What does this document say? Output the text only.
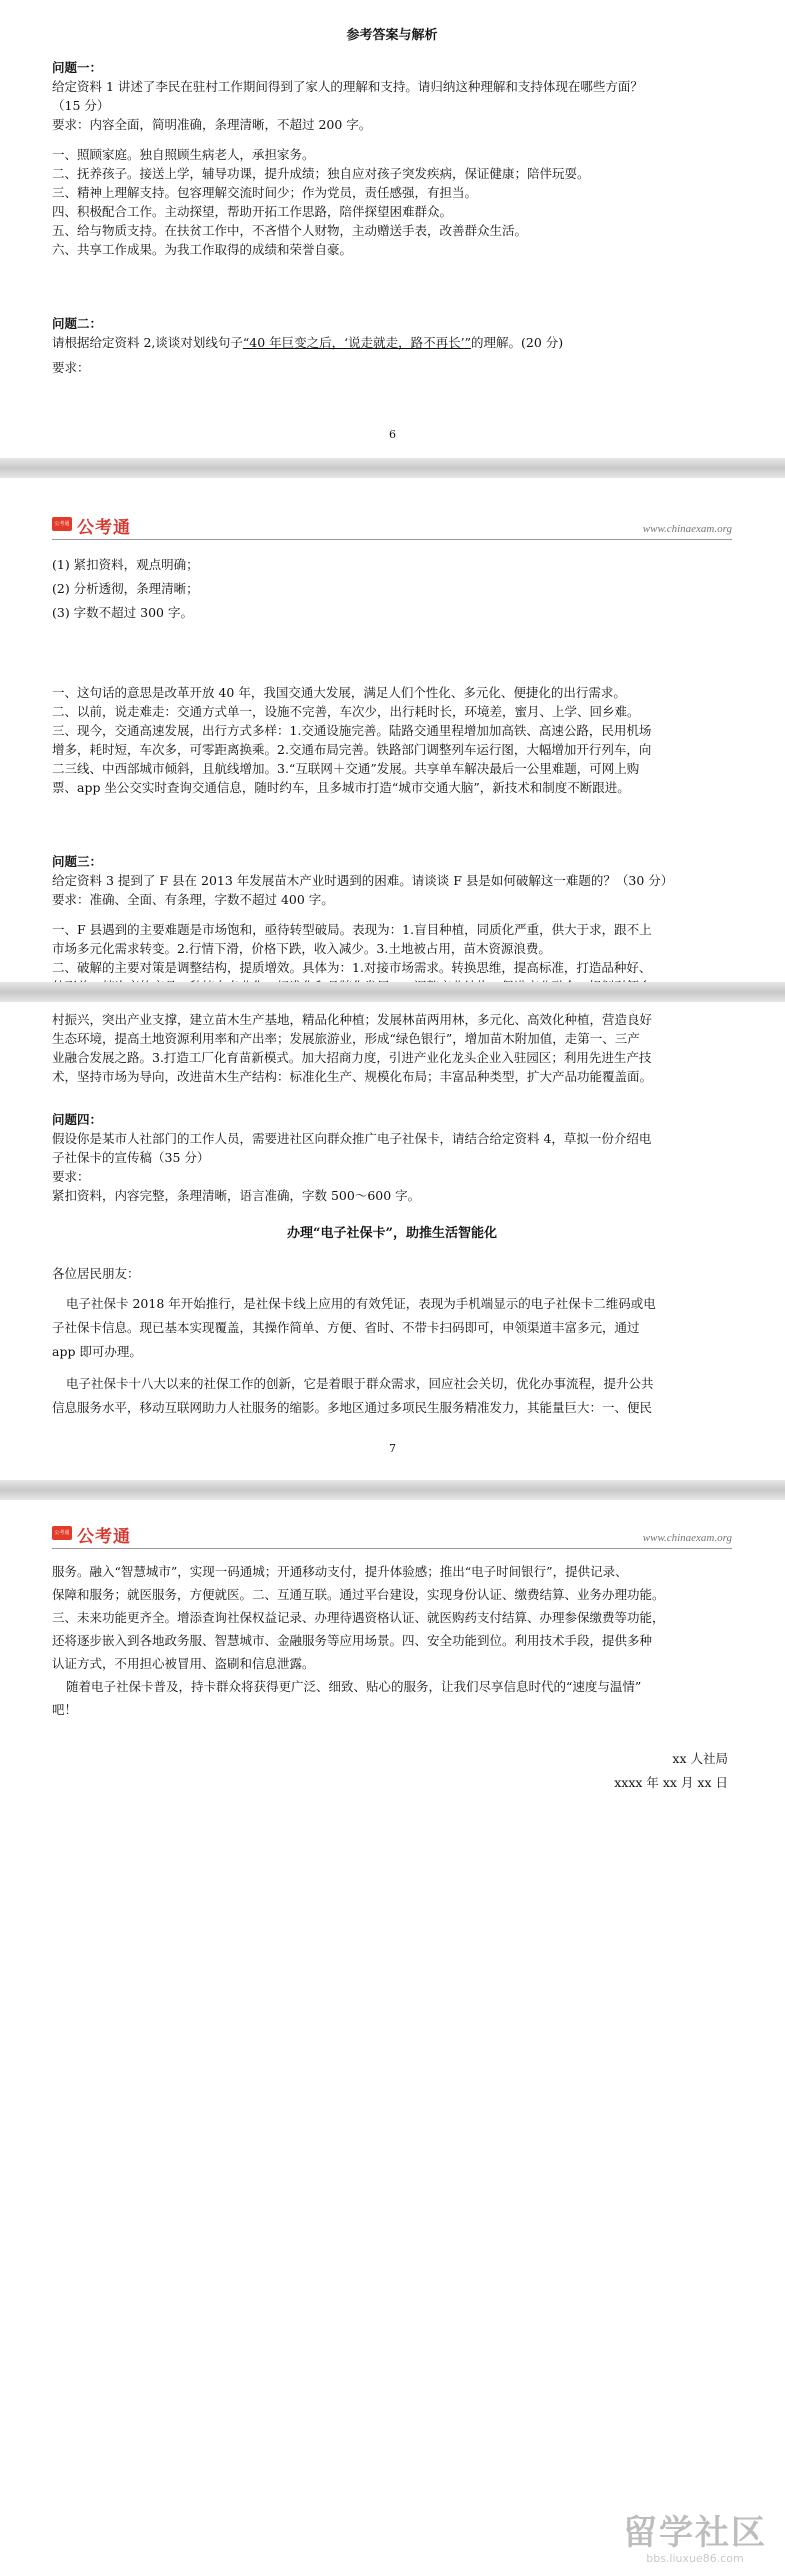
参考答案与解析
问题一：
给定资料 1 讲述了李民在驻村工作期间得到了家人的理解和支持。请归纳这种理解和支持体现在哪些方面？
（15 分）
要求：内容全面，简明准确，条理清晰，不超过 200 字。
一、照顾家庭。独自照顾生病老人，承担家务。
二、抚养孩子。接送上学，辅导功课，提升成绩；独自应对孩子突发疾病，保证健康；陪伴玩耍。
三、精神上理解支持。包容理解交流时间少；作为党员，责任感强，有担当。
四、积极配合工作。主动探望，帮助开拓工作思路，陪伴探望困难群众。
五、给与物质支持。在扶贫工作中，不吝惜个人财物，主动赠送手表，改善群众生活。
六、共享工作成果。为我工作取得的成绩和荣誉自豪。
问题二：
请根据给定资料 2,谈谈对划线句子“40 年巨变之后，‘说走就走，路不再长’”的理解。(20 分)
要求：
6
公考通 公考通	www.chinaexam.org
(1) 紧扣资料，观点明确；
(2) 分析透彻，条理清晰；
(3) 字数不超过 300 字。
一、这句话的意思是改革开放 40 年，我国交通大发展，满足人们个性化、多元化、便捷化的出行需求。
二、以前，说走难走：交通方式单一，设施不完善，车次少，出行耗时长，环境差，蜜月、上学、回乡难。
三、现今，交通高速发展，出行方式多样：1.交通设施完善。陆路交通里程增加加高铁、高速公路，民用机场
增多，耗时短，车次多，可零距离换乘。2.交通布局完善。铁路部门调整列车运行图，大幅增加开行列车，向
二三线、中西部城市倾斜，且航线增加。3.“互联网＋交通”发展。共享单车解决最后一公里难题，可网上购
票、app 坐公交实时查询交通信息，随时约车，且多城市打造“城市交通大脑”，新技术和制度不断跟进。
问题三：
给定资料 3 提到了 F 县在 2013 年发展苗木产业时遇到的困难。请谈谈 F 县是如何破解这一难题的？（30 分）
要求：准确、全面、有条理，字数不超过 400 字。
一、F 县遇到的主要难题是市场饱和，亟待转型破局。表现为：1.盲目种植，同质化严重，供大于求，跟不上
市场多元化需求转变。2.行情下滑，价格下跌，收入减少。3.土地被占用，苗木资源浪费。
二、破解的主要对策是调整结构，提质增效。具体为：1.对接市场需求。转换思维，提高标准，打造品种好、
村振兴，突出产业支撑，建立苗木生产基地，精品化种植；发展林苗两用林，多元化、高效化种植，营造良好
生态环境，提高土地资源利用率和产出率；发展旅游业，形成“绿色银行”，增加苗木附加值，走第一、三产
业融合发展之路。3.打造工厂化育苗新模式。加大招商力度，引进产业化龙头企业入驻园区；利用先进生产技
术，坚持市场为导向，改进苗木生产结构：标准化生产、规模化布局；丰富品种类型，扩大产品功能覆盖面。
问题四：
假设你是某市人社部门的工作人员，需要进社区向群众推广电子社保卡，请结合给定资料 4，草拟一份介绍电
子社保卡的宣传稿（35 分）
要求：
紧扣资料，内容完整，条理清晰，语言准确，字数 500～600 字。
办理“电子社保卡”，助推生活智能化
各位居民朋友：
电子社保卡 2018 年开始推行，是社保卡线上应用的有效凭证，表现为手机端显示的电子社保卡二维码或电
子社保卡信息。现已基本实现覆盖，其操作简单、方便、省时、不带卡扫码即可，申领渠道丰富多元，通过
app 即可办理。
电子社保卡十八大以来的社保工作的创新，它是着眼于群众需求，回应社会关切，优化办事流程，提升公共
信息服务水平，移动互联网助力人社服务的缩影。多地区通过多项民生服务精准发力，其能量巨大：一、便民
7
公考通 公考通	www.chinaexam.org
服务。融入“智慧城市”，实现一码通城；开通移动支付，提升体验感；推出“电子时间银行”，提供记录、
保障和服务；就医服务，方便就医。二、互通互联。通过平台建设，实现身份认证、缴费结算、业务办理功能。
三、未来功能更齐全。增添查询社保权益记录、办理待遇资格认证、就医购药支付结算、办理参保缴费等功能，
还将逐步嵌入到各地政务服、智慧城市、金融服务等应用场景。四、安全功能到位。利用技术手段，提供多种
认证方式，不用担心被冒用、盗刷和信息泄露。
随着电子社保卡普及，持卡群众将获得更广泛、细致、贴心的服务，让我们尽享信息时代的“速度与温情”
吧！
xx 人社局
xxxx 年 xx 月 xx 日
留学社区
bbs.liuxue86.com
